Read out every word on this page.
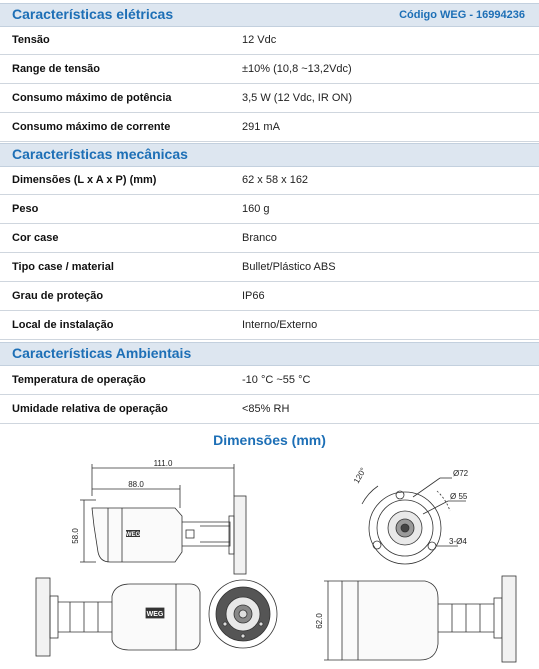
Características elétricas	Código WEG - 16994236
Tensão	12 Vdc
Range de tensão	±10% (10,8 ~13,2Vdc)
Consumo máximo de potência	3,5 W (12 Vdc, IR ON)
Consumo máximo de corrente	291 mA
Características mecânicas
Dimensões (L x A x P) (mm)	62 x 58 x 162
Peso	160 g
Cor case	Branco
Tipo case / material	Bullet/Plástico ABS
Grau de proteção	IP66
Local de instalação	Interno/Externo
Características Ambientais
Temperatura de operação	-10 °C ~55 °C
Umidade relativa de operação	<85% RH
Dimensões (mm)
111.0
88.0
58.0
62.0
120°	Ø72
Ø 55
3-Ø4
WEG
WEG
